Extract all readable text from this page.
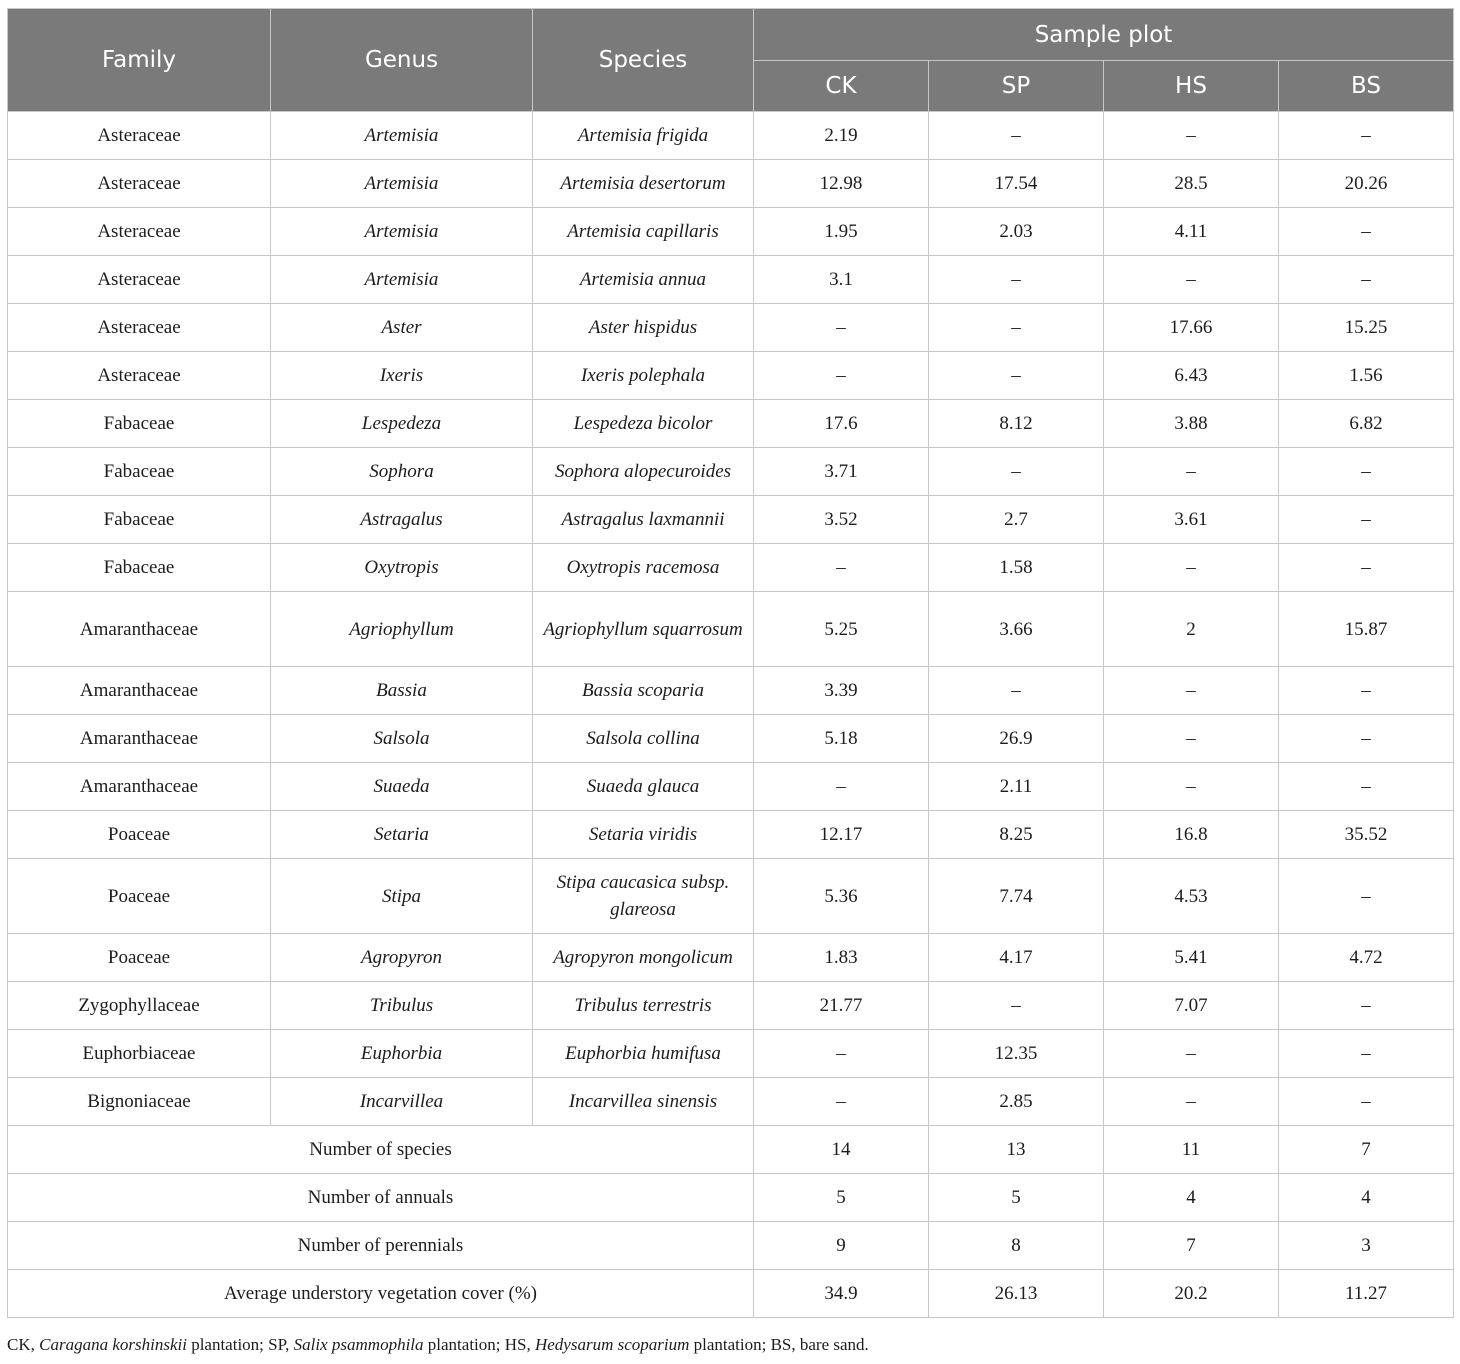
Family	Genus	Species	Sample plot			
			CK	SP	HS	BS
Asteraceae	Artemisia	Artemisia frigida	2.19	–	–	–
Asteraceae	Artemisia	Artemisia desertorum	12.98	17.54	28.5	20.26
Asteraceae	Artemisia	Artemisia capillaris	1.95	2.03	4.11	–
Asteraceae	Artemisia	Artemisia annua	3.1	–	–	–
Asteraceae	Aster	Aster hispidus	–	–	17.66	15.25
Asteraceae	Ixeris	Ixeris polephala	–	–	6.43	1.56
Fabaceae	Lespedeza	Lespedeza bicolor	17.6	8.12	3.88	6.82
Fabaceae	Sophora	Sophora alopecuroides	3.71	–	–	–
Fabaceae	Astragalus	Astragalus laxmannii	3.52	2.7	3.61	–
Fabaceae	Oxytropis	Oxytropis racemosa	–	1.58	–	–
Amaranthaceae	Agriophyllum	Agriophyllum squarrosum	5.25	3.66	2	15.87
Amaranthaceae	Bassia	Bassia scoparia	3.39	–	–	–
Amaranthaceae	Salsola	Salsola collina	5.18	26.9	–	–
Amaranthaceae	Suaeda	Suaeda glauca	–	2.11	–	–
Poaceae	Setaria	Setaria viridis	12.17	8.25	16.8	35.52
Poaceae	Stipa	Stipa caucasica subsp. glareosa	5.36	7.74	4.53	–
Poaceae	Agropyron	Agropyron mongolicum	1.83	4.17	5.41	4.72
Zygophyllaceae	Tribulus	Tribulus terrestris	21.77	–	7.07	–
Euphorbiaceae	Euphorbia	Euphorbia humifusa	–	12.35	–	–
Bignoniaceae	Incarvillea	Incarvillea sinensis	–	2.85	–	–
Number of species			14	13	11	7
Number of annuals			5	5	4	4
Number of perennials			9	8	7	3
Average understory vegetation cover (%)			34.9	26.13	20.2	11.27
CK, Caragana korshinskii plantation; SP, Salix psammophila plantation; HS, Hedysarum scoparium plantation; BS, bare sand.
